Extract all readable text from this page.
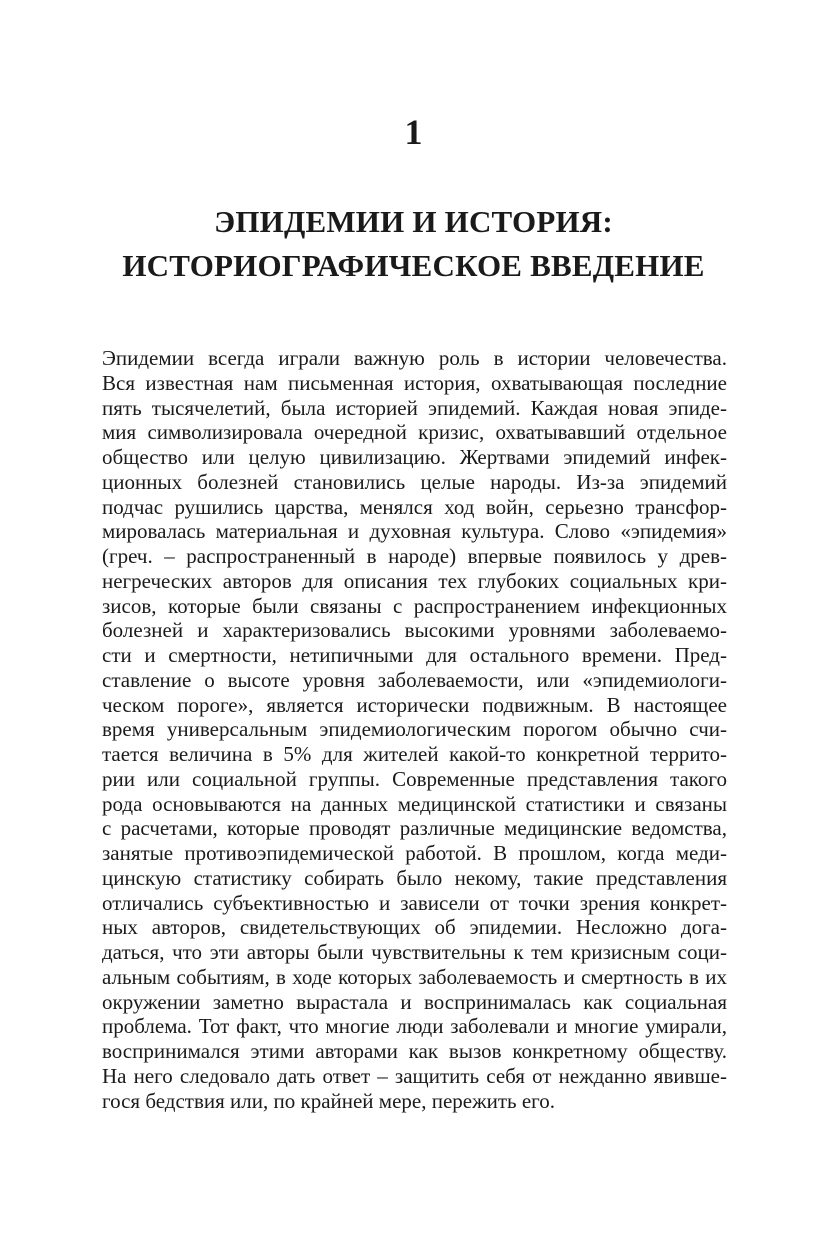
1
ЭПИДЕМИИ И ИСТОРИЯ:
ИСТОРИОГРАФИЧЕСКОЕ ВВЕДЕНИЕ
Эпидемии всегда играли важную роль в истории человечества.
Вся известная нам письменная история, охватывающая последние
пять тысячелетий, была историей эпидемий. Каждая новая эпиде-
мия символизировала очередной кризис, охватывавший отдельное
общество или целую цивилизацию. Жертвами эпидемий инфек-
ционных болезней становились целые народы. Из-за эпидемий
подчас рушились царства, менялся ход войн, серьезно трансфор-
мировалась материальная и духовная культура. Слово «эпидемия»
(греч. – распространенный в народе) впервые появилось у древ-
негреческих авторов для описания тех глубоких социальных кри-
зисов, которые были связаны с распространением инфекционных
болезней и характеризовались высокими уровнями заболеваемо-
сти и смертности, нетипичными для остального времени. Пред-
ставление о высоте уровня заболеваемости, или «эпидемиологи-
ческом пороге», является исторически подвижным. В настоящее
время универсальным эпидемиологическим порогом обычно счи-
тается величина в 5% для жителей какой-то конкретной террито-
рии или социальной группы. Современные представления такого
рода основываются на данных медицинской статистики и связаны
с расчетами, которые проводят различные медицинские ведомства,
занятые противоэпидемической работой. В прошлом, когда меди-
цинскую статистику собирать было некому, такие представления
отличались субъективностью и зависели от точки зрения конкрет-
ных авторов, свидетельствующих об эпидемии. Несложно дога-
даться, что эти авторы были чувствительны к тем кризисным соци-
альным событиям, в ходе которых заболеваемость и смертность в их
окружении заметно вырастала и воспринималась как социальная
проблема. Тот факт, что многие люди заболевали и многие умирали,
воспринимался этими авторами как вызов конкретному обществу.
На него следовало дать ответ – защитить себя от нежданно явивше-
гося бедствия или, по крайней мере, пережить его.
